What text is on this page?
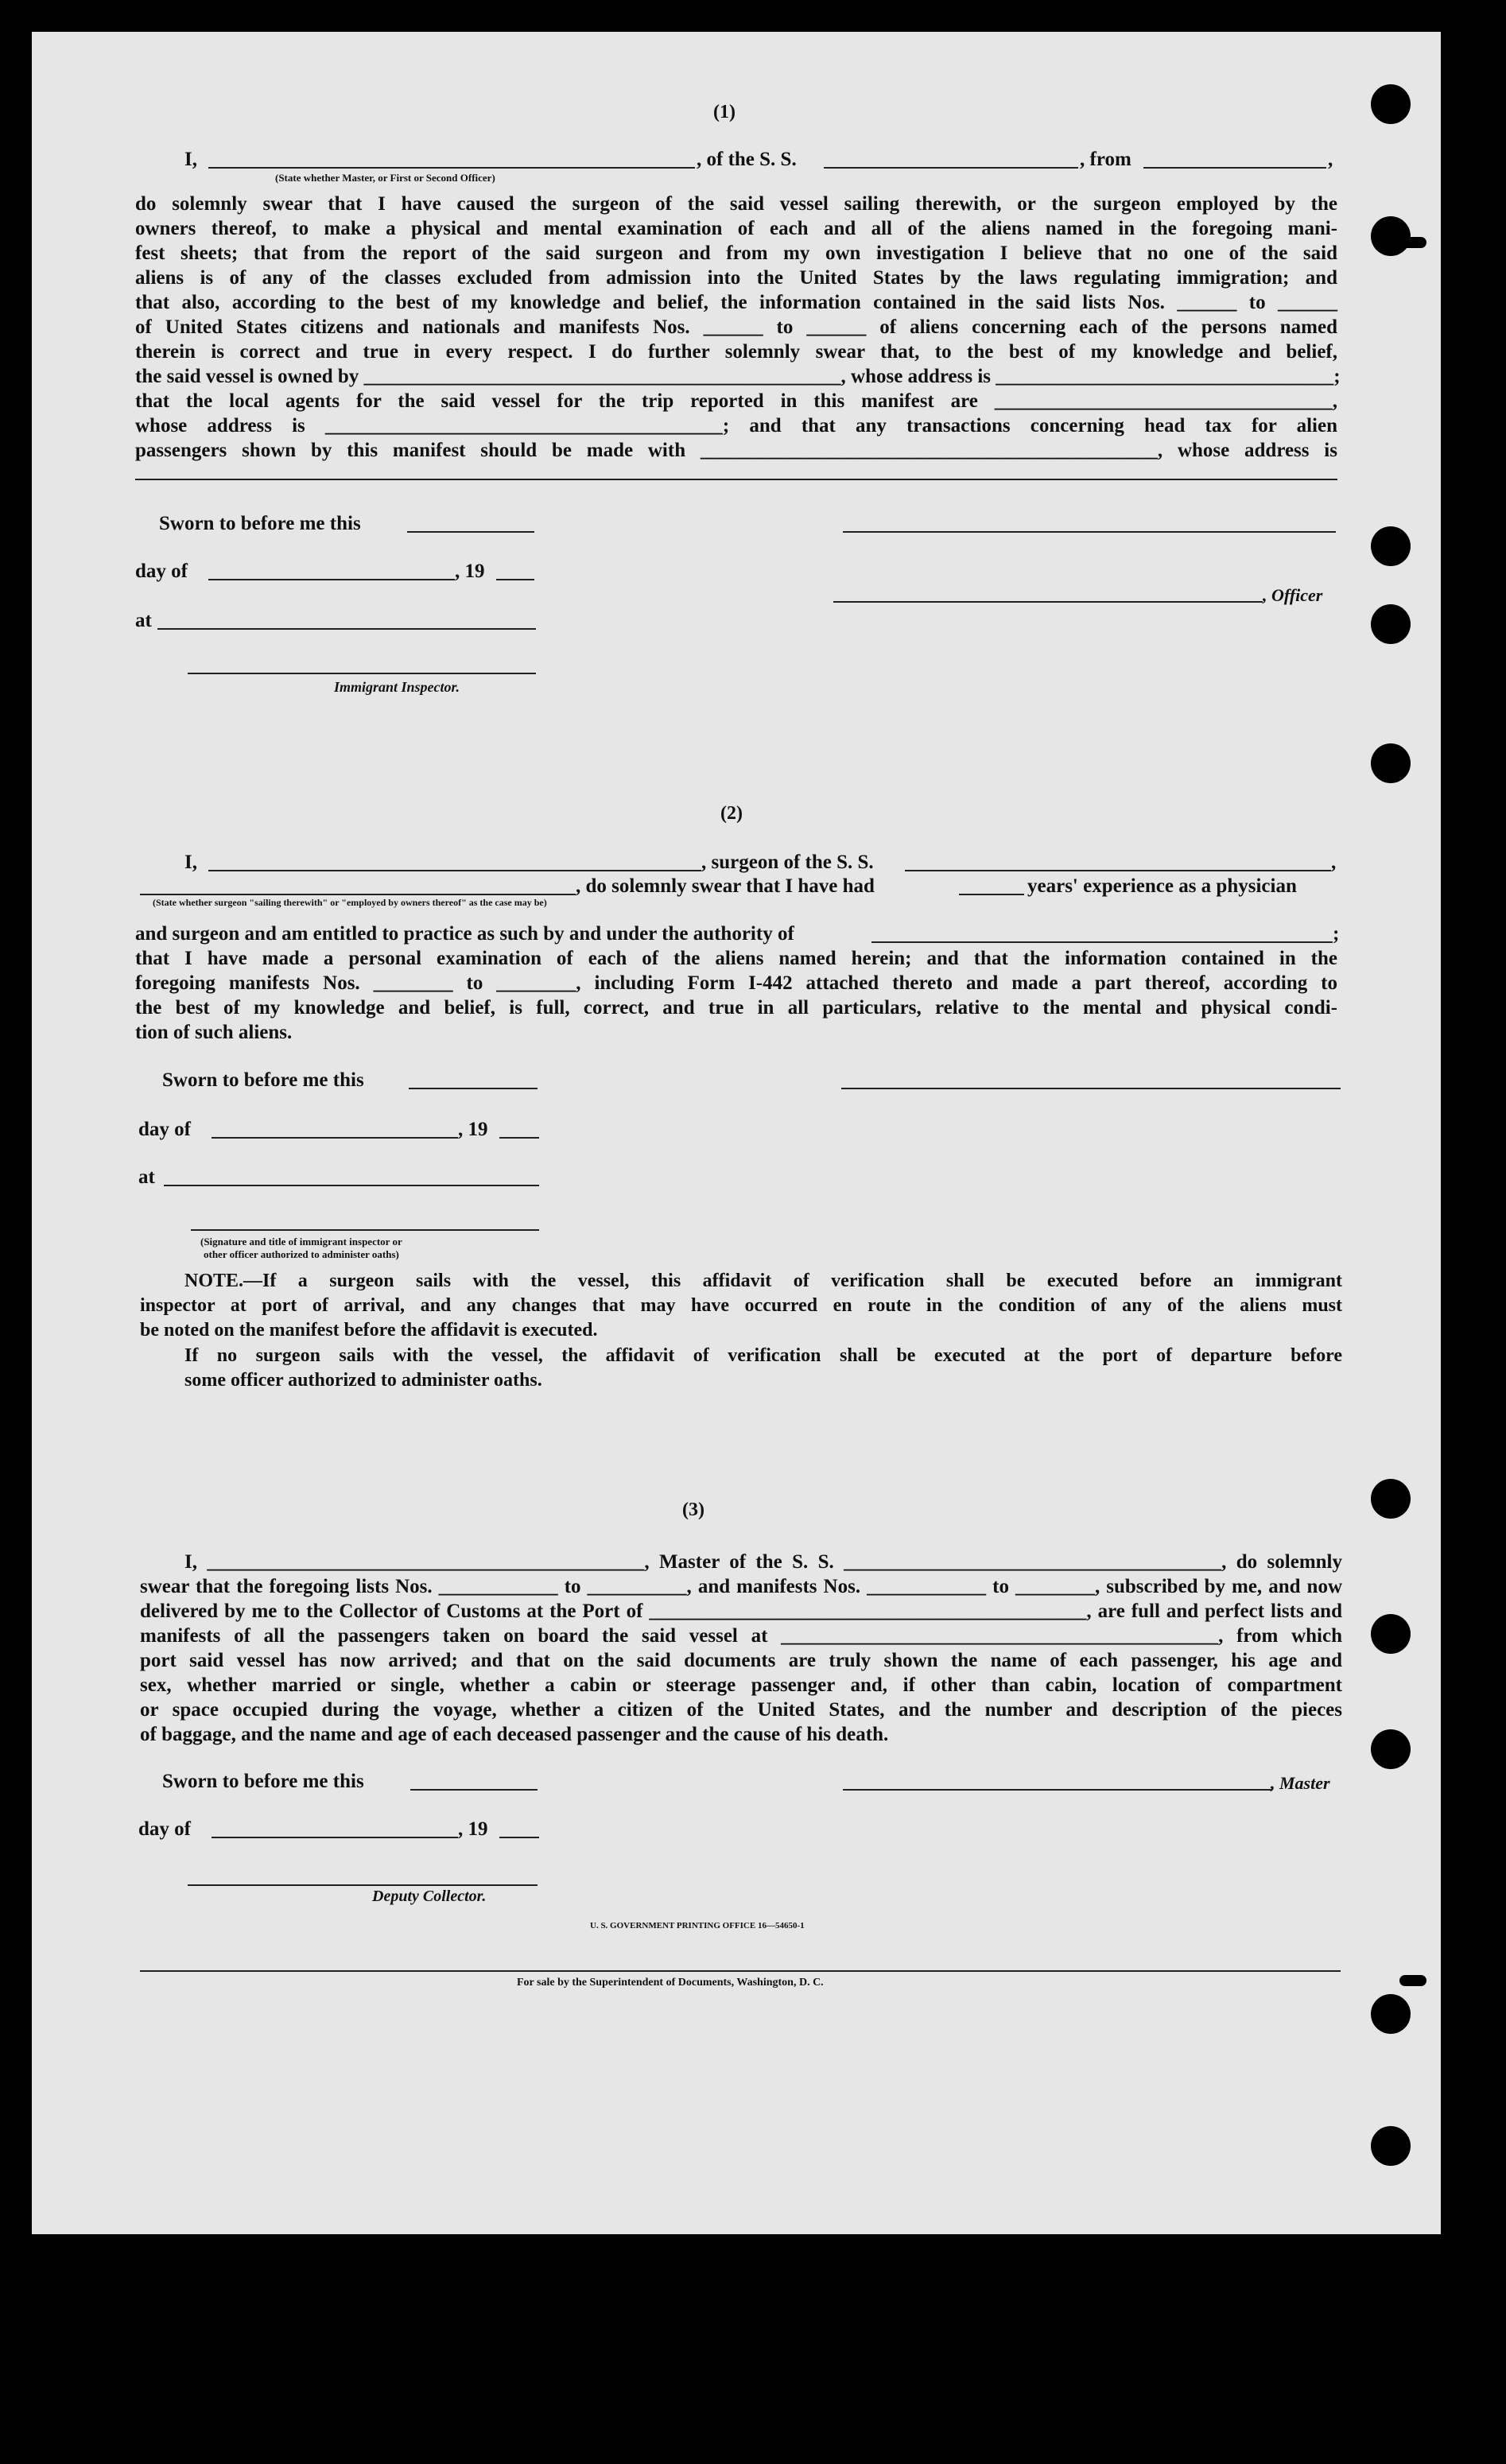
(1)
I,	, of the S. S.	, from	,
(State whether Master, or First or Second Officer)
do solemnly swear that I have caused the surgeon of the said vessel sailing therewith, or the surgeon employed by the
owners thereof, to make a physical and mental examination of each and all of the aliens named in the foregoing mani-
fest sheets; that from the report of the said surgeon and from my own investigation I believe that no one of the said
aliens is of any of the classes excluded from admission into the United States by the laws regulating immigration; and
that also, according to the best of my knowledge and belief, the information contained in the said lists Nos. ______ to ______
of United States citizens and nationals and manifests Nos. ______ to ______ of aliens concerning each of the persons named
therein is correct and true in every respect. I do further solemnly swear that, to the best of my knowledge and belief,
the said vessel is owned by ________________________________________________, whose address is __________________________________;
that the local agents for the said vessel for the trip reported in this manifest are __________________________________,
whose address is ________________________________________; and that any transactions concerning head tax for alien
passengers shown by this manifest should be made with ______________________________________________, whose address is
Sworn to before me this
day of	, 19
, Officer
at
Immigrant Inspector.
(2)
I,	, surgeon of the S. S.	,
, do solemnly swear that I have had	years' experience as a physician
(State whether surgeon "sailing therewith" or "employed by owners thereof" as the case may be)
and surgeon and am entitled to practice as such by and under the authority of	;
that I have made a personal examination of each of the aliens named herein; and that the information contained in the
foregoing manifests Nos. ________ to ________, including Form I-442 attached thereto and made a part thereof, according to
the best of my knowledge and belief, is full, correct, and true in all particulars, relative to the mental and physical condi-
tion of such aliens.
Sworn to before me this
day of	, 19
at
(Signature and title of immigrant inspector or
other officer authorized to administer oaths)
NOTE.—If a surgeon sails with the vessel, this affidavit of verification shall be executed before an immigrant
inspector at port of arrival, and any changes that may have occurred en route in the condition of any of the aliens must
be noted on the manifest before the affidavit is executed.
If no surgeon sails with the vessel, the affidavit of verification shall be executed at the port of departure before
some officer authorized to administer oaths.
(3)
I, ____________________________________________, Master of the S. S. ______________________________________, do solemnly
swear that the foregoing lists Nos. ____________ to __________, and manifests Nos. ____________ to ________, subscribed by me, and now
delivered by me to the Collector of Customs at the Port of ____________________________________________, are full and perfect lists and
manifests of all the passengers taken on board the said vessel at ____________________________________________, from which
port said vessel has now arrived; and that on the said documents are truly shown the name of each passenger, his age and
sex, whether married or single, whether a cabin or steerage passenger and, if other than cabin, location of compartment
or space occupied during the voyage, whether a citizen of the United States, and the number and description of the pieces
of baggage, and the name and age of each deceased passenger and the cause of his death.
Sworn to before me this	, Master
day of	, 19
Deputy Collector.
U. S. GOVERNMENT PRINTING OFFICE 16—54650-1
For sale by the Superintendent of Documents, Washington, D. C.
